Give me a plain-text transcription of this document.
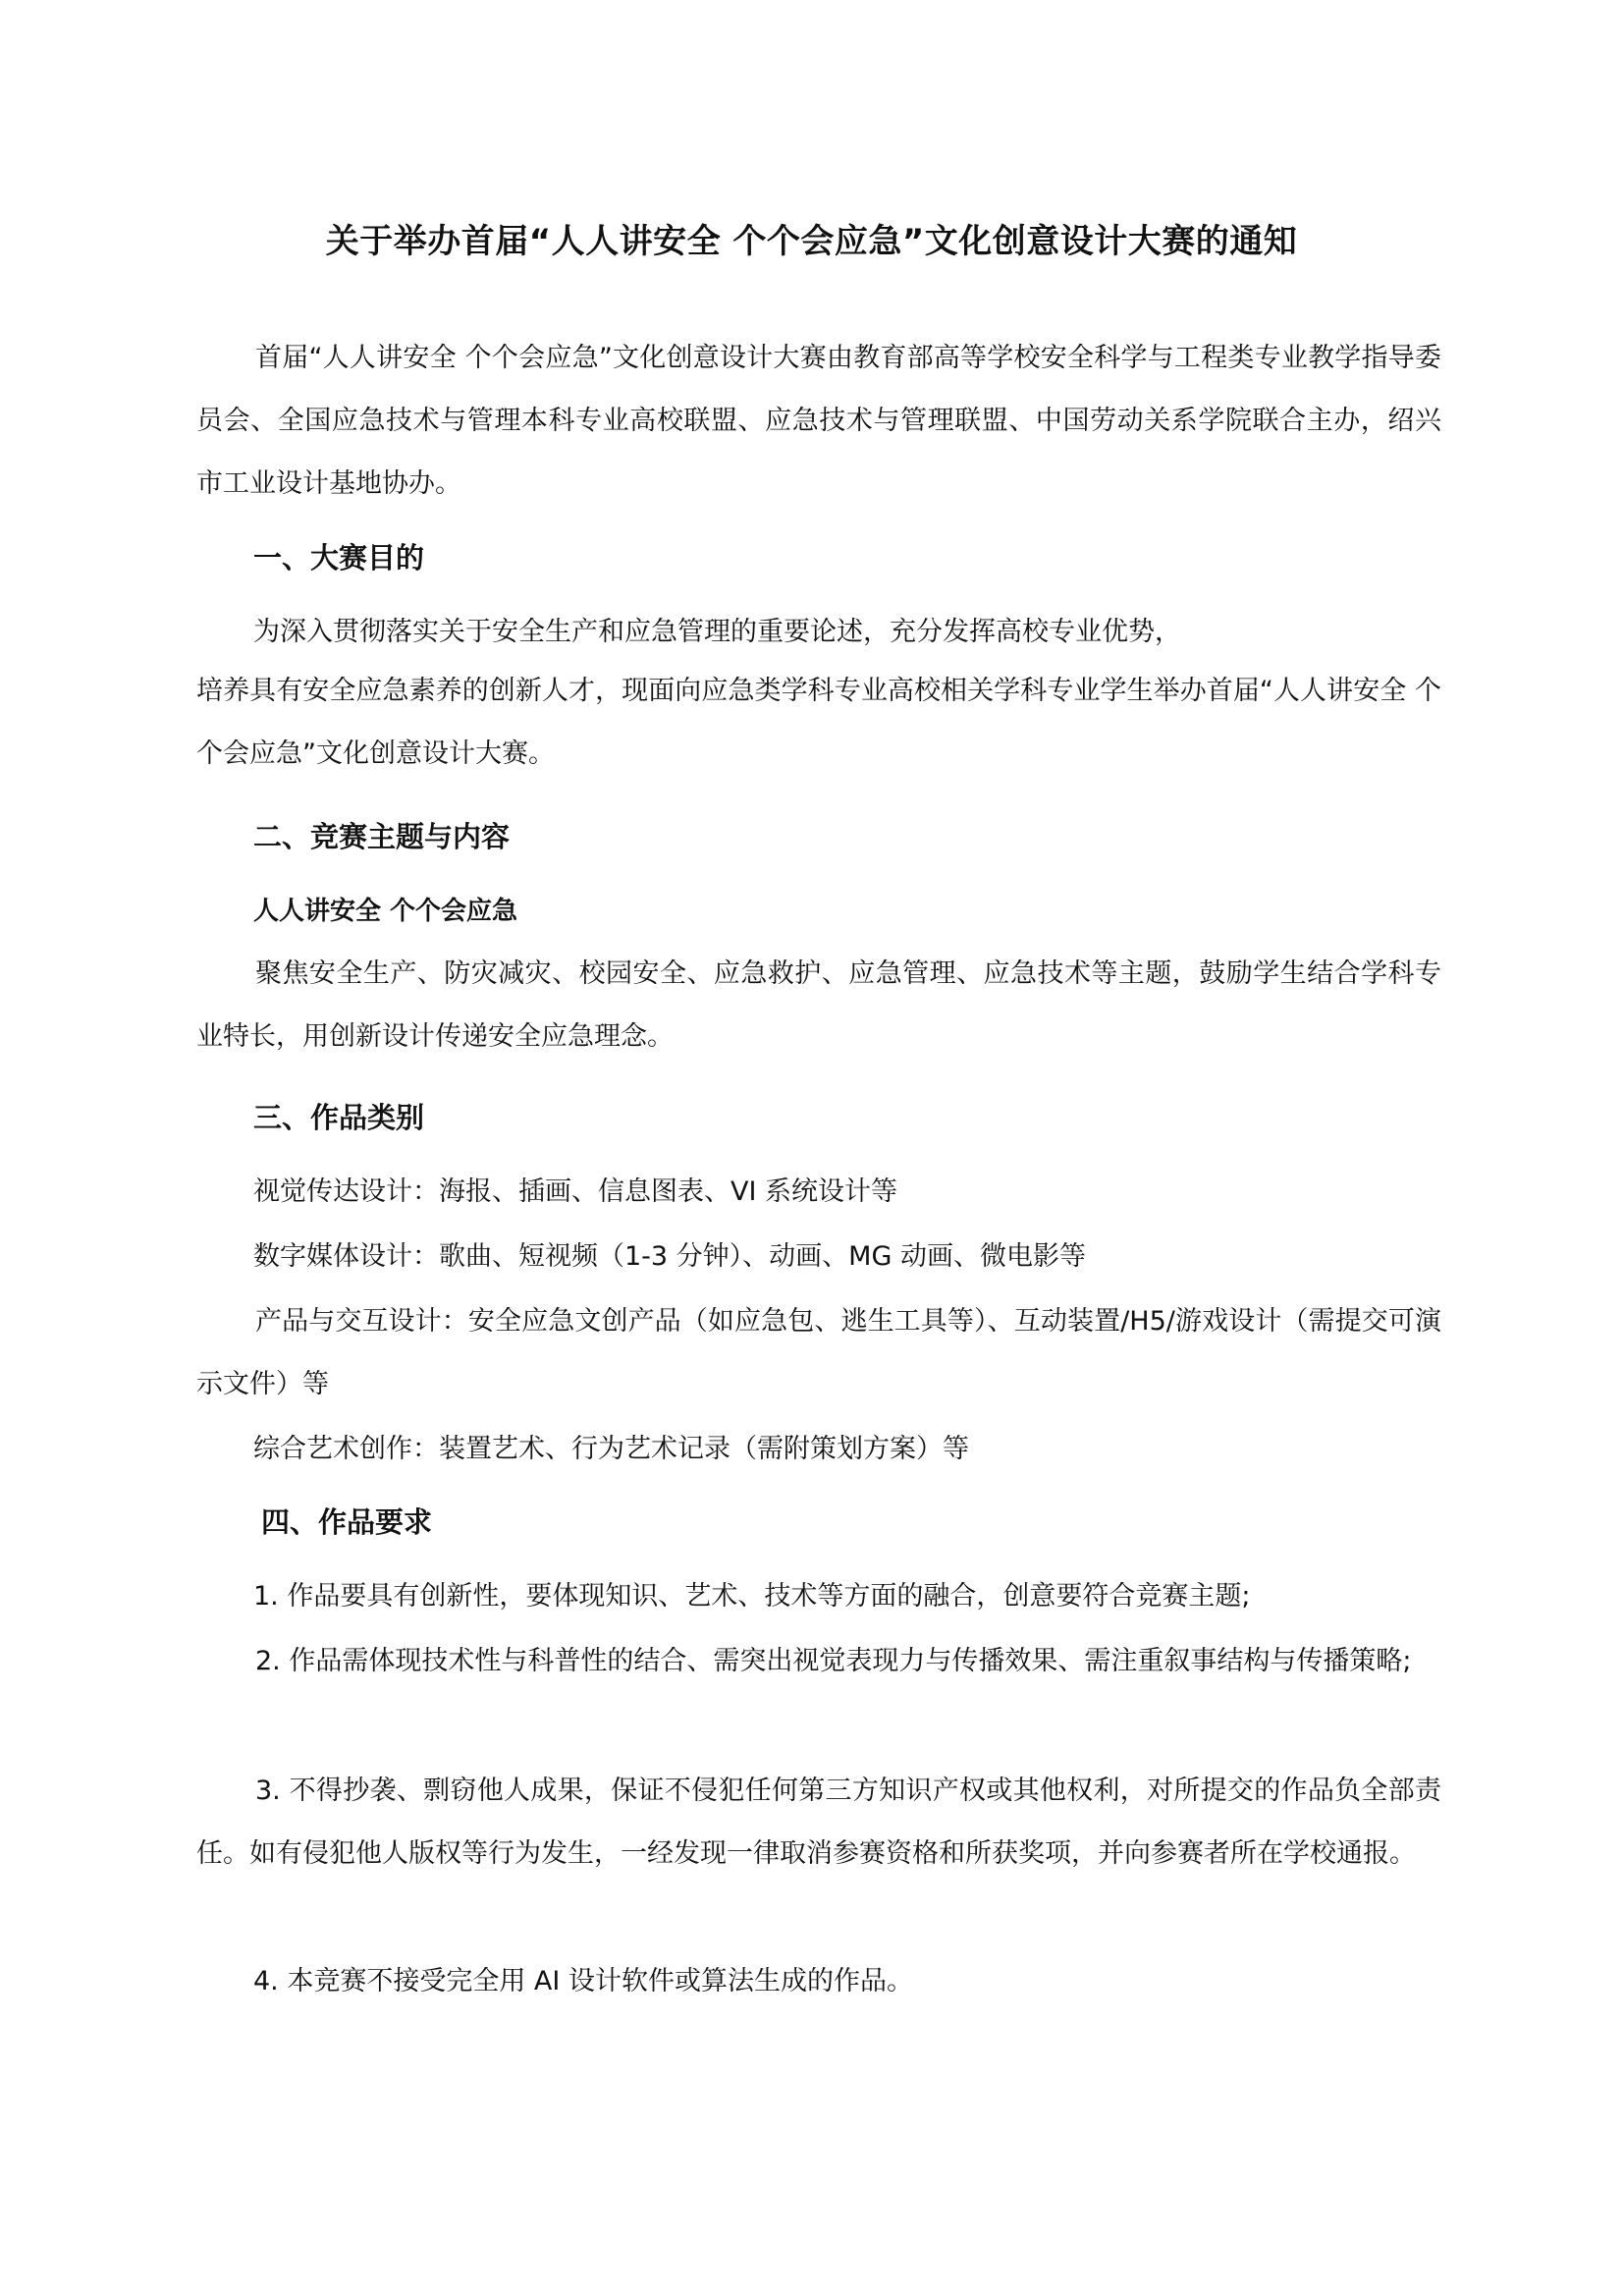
关于举办首届“人人讲安全 个个会应急”文化创意设计大赛的通知

首届“人人讲安全 个个会应急”文化创意设计大赛由教育部高等学校安全科学与工程类专业教学指导委员会、全国应急技术与管理本科专业高校联盟、应急技术与管理联盟、中国劳动关系学院联合主办，绍兴市工业设计基地协办。

一、大赛目的

为深入贯彻落实关于安全生产和应急管理的重要论述，充分发挥高校专业优势，

培养具有安全应急素养的创新人才，现面向应急类学科专业高校相关学科专业学生举办首届“人人讲安全 个个会应急”文化创意设计大赛。

二、竞赛主题与内容
人人讲安全 个个会应急

聚焦安全生产、防灾减灾、校园安全、应急救护、应急管理、应急技术等主题，鼓励学生结合学科专业特长，用创新设计传递安全应急理念。

三、作品类别

视觉传达设计：海报、插画、信息图表、VI 系统设计等

数字媒体设计：歌曲、短视频（1-3 分钟）、动画、MG 动画、微电影等

产品与交互设计：安全应急文创产品（如应急包、逃生工具等）、互动装置/H5/游戏设计（需提交可演示文件）等

综合艺术创作：装置艺术、行为艺术记录（需附策划方案）等

四、作品要求

1. 作品要具有创新性，要体现知识、艺术、技术等方面的融合，创意要符合竞赛主题;

2. 作品需体现技术性与科普性的结合、需突出视觉表现力与传播效果、需注重叙事结构与传播策略;

3. 不得抄袭、剽窃他人成果，保证不侵犯任何第三方知识产权或其他权利，对所提交的作品负全部责任。如有侵犯他人版权等行为发生，一经发现一律取消参赛资格和所获奖项，并向参赛者所在学校通报。

4. 本竞赛不接受完全用 AI 设计软件或算法生成的作品。
